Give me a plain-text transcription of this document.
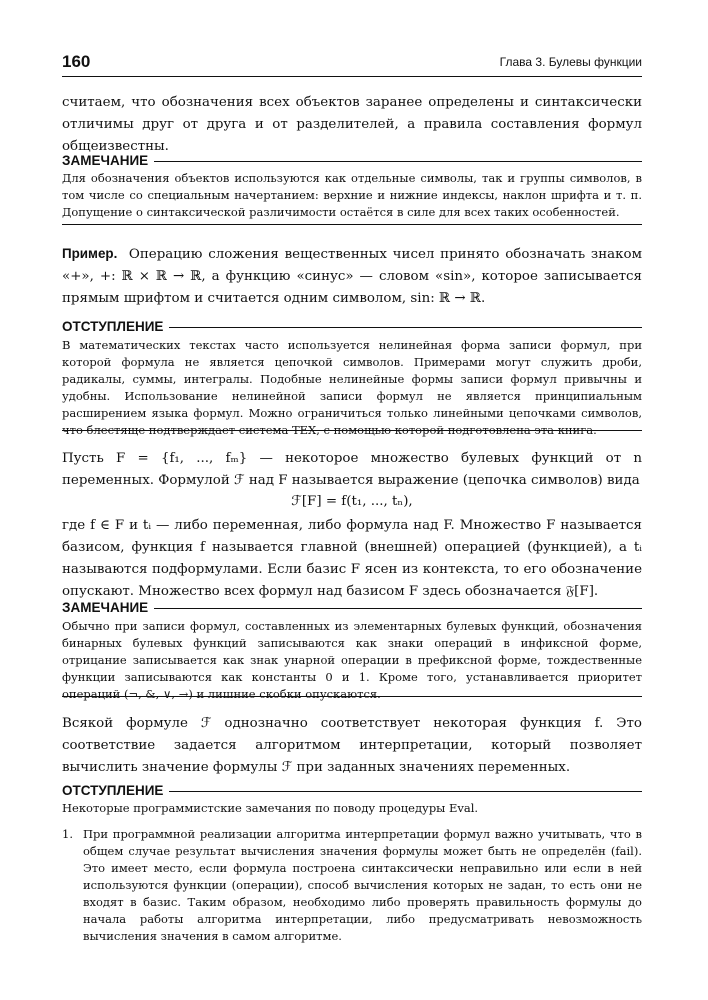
160	Глава 3. Булевы функции
считаем, что обозначения всех объектов заранее определены и синтаксически отличимы друг от друга и от разделителей, а правила составления формул общеизвестны.
ЗАМЕЧАНИЕ
Для обозначения объектов используются как отдельные символы, так и группы символов, в том числе со специальным начертанием: верхние и нижние индексы, наклон шрифта и т. п. Допущение о синтаксической различимости остаётся в силе для всех таких особенностей.
Пример. Операцию сложения вещественных чисел принято обозначать знаком «+», +: ℝ × ℝ → ℝ, а функцию «синус» — словом «sin», которое записывается прямым шрифтом и считается одним символом, sin: ℝ → ℝ.
ОТСТУПЛЕНИЕ
В математических текстах часто используется нелинейная форма записи формул, при которой формула не является цепочкой символов. Примерами могут служить дроби, радикалы, суммы, интегралы. Подобные нелинейные формы записи формул привычны и удобны. Использование нелинейной записи формул не является принципиальным расширением языка формул. Можно ограничиться только линейными цепочками символов, что блестяще подтверждает система TEX, с помощью которой подготовлена эта книга.
Пусть F = {f₁, ..., fₘ} — некоторое множество булевых функций от n переменных. Формулой ℱ над F называется выражение (цепочка символов) вида
ℱ[F] = f(t₁, ..., tₙ),
где f ∈ F и tᵢ — либо переменная, либо формула над F. Множество F называется базисом, функция f называется главной (внешней) операцией (функцией), а tᵢ называются подформулами. Если базис F ясен из контекста, то его обозначение опускают. Множество всех формул над базисом F здесь обозначается 𝔉[F].
ЗАМЕЧАНИЕ
Обычно при записи формул, составленных из элементарных булевых функций, обозначения бинарных булевых функций записываются как знаки операций в инфиксной форме, отрицание записывается как знак унарной операции в префиксной форме, тождественные функции записываются как константы 0 и 1. Кроме того, устанавливается приоритет операций (¬, &, ∨, →) и лишние скобки опускаются.
Всякой формуле ℱ однозначно соответствует некоторая функция f. Это соответствие задается алгоритмом интерпретации, который позволяет вычислить значение формулы ℱ при заданных значениях переменных.
ОТСТУПЛЕНИЕ
Некоторые программистские замечания по поводу процедуры Eval.
1. При программной реализации алгоритма интерпретации формул важно учитывать, что в общем случае результат вычисления значения формулы может быть не определён (fail). Это имеет место, если формула построена синтаксически неправильно или если в ней используются функции (операции), способ вычисления которых не задан, то есть они не входят в базис. Таким образом, необходимо либо проверять правильность формулы до начала работы алгоритма интерпретации, либо предусматривать невозможность вычисления значения в самом алгоритме.
